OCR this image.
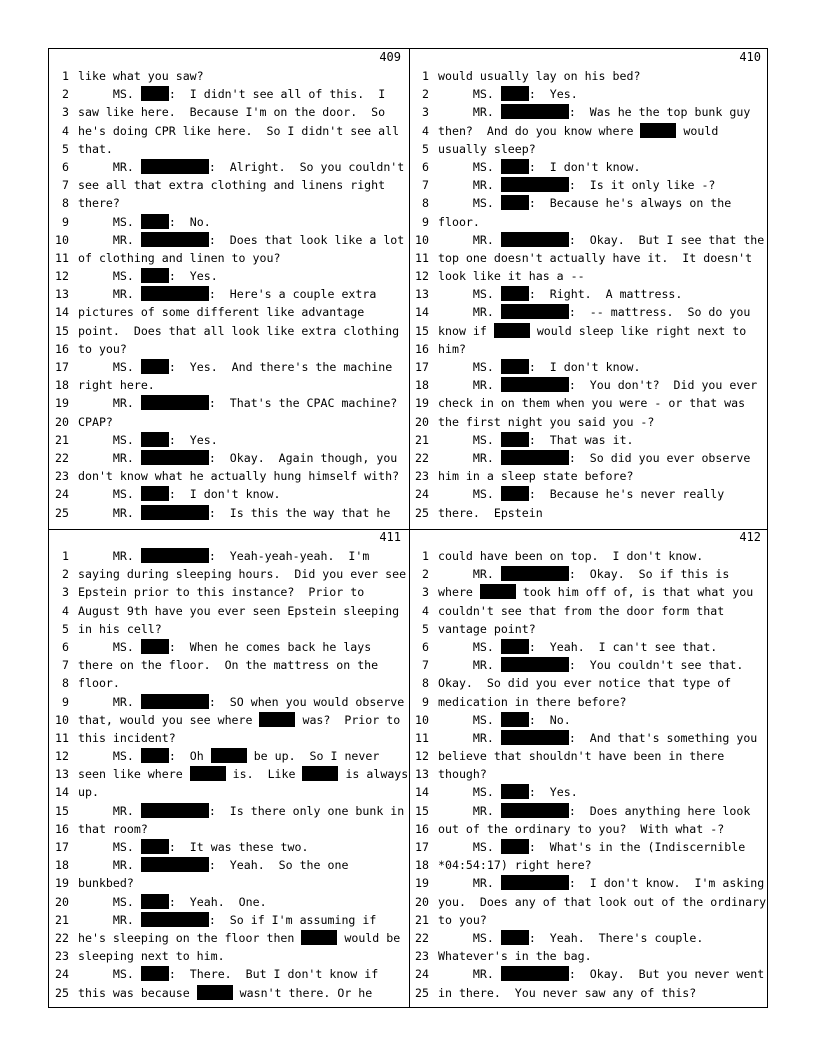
409
1 like what you saw?
2 MS. :  I didn't see all of this.  I
3 saw like here.  Because I'm on the door.  So
4 he's doing CPR like here.  So I didn't see all
5 that.
6 MR.	:  Alright.  So you couldn't
7 see all that extra clothing and linens right
8 there?
9 MS. :  No.
10 MR.	:  Does that look like a lot
11 of clothing and linen to you?
12 MS. :  Yes.
13 MR.	:  Here's a couple extra
14 pictures of some different like advantage
15 point.  Does that all look like extra clothing
16 to you?
17 MS. :  Yes.  And there's the machine
18 right here.
19 MR.	:  That's the CPAC machine?
20 CPAP?
21 MS. :  Yes.
22 MR.	:  Okay.  Again though, you
23 don't know what he actually hung himself with?
24 MS. :  I don't know.
25 MR.	:  Is this the way that he
410
1 would usually lay on his bed?
2 MS. :  Yes.
3 MR.	:  Was he the top bunk guy
4 then?  And do you know where	would
5 usually sleep?
6 MS. :  I don't know.
7 MR.	:  Is it only like -?
8 MS. :  Because he's always on the
9 floor.
10 MR.	:  Okay.  But I see that the
11 top one doesn't actually have it.  It doesn't
12 look like it has a --
13 MS. :  Right.  A mattress.
14 MR.	:  -- mattress.  So do you
15 know if	would sleep like right next to
16 him?
17 MS. :  I don't know.
18 MR.	:  You don't?  Did you ever
19 check in on them when you were - or that was
20 the first night you said you -?
21 MS. :  That was it.
22 MR.	:  So did you ever observe
23 him in a sleep state before?
24 MS. :  Because he's never really
25 there.  Epstein
411
1 MR.	:  Yeah-yeah-yeah.  I'm
2 saying during sleeping hours.  Did you ever see
3 Epstein prior to this instance?  Prior to
4 August 9th have you ever seen Epstein sleeping
5 in his cell?
6 MS. :  When he comes back he lays
7 there on the floor.  On the mattress on the
8 floor.
9 MR.	:  SO when you would observe
10 that, would you see where	was?  Prior to
11 this incident?
12 MS. :  Oh	be up.  So I never
13 seen like where	is.  Like	is always
14 up.
15 MR.	:  Is there only one bunk in
16 that room?
17 MS. :  It was these two.
18 MR.	:  Yeah.  So the one
19 bunkbed?
20 MS. :  Yeah.  One.
21 MR.	:  So if I'm assuming if
22 he's sleeping on the floor then	would be
23 sleeping next to him.
24 MS. :  There.  But I don't know if
25 this was because	wasn't there. Or he
412
1 could have been on top.  I don't know.
2 MR.	:  Okay.  So if this is
3 where	took him off of, is that what you
4 couldn't see that from the door form that
5 vantage point?
6 MS. :  Yeah.  I can't see that.
7 MR.	:  You couldn't see that.
8 Okay.  So did you ever notice that type of
9 medication in there before?
10 MS. :  No.
11 MR.	:  And that's something you
12 believe that shouldn't have been in there
13 though?
14 MS. :  Yes.
15 MR.	:  Does anything here look
16 out of the ordinary to you?  With what -?
17 MS. :  What's in the (Indiscernible
18 *04:54:17) right here?
19 MR.	:  I don't know.  I'm asking
20 you.  Does any of that look out of the ordinary
21 to you?
22 MS. :  Yeah.  There's couple.
23 Whatever's in the bag.
24 MR.	:  Okay.  But you never went
25 in there.  You never saw any of this?
